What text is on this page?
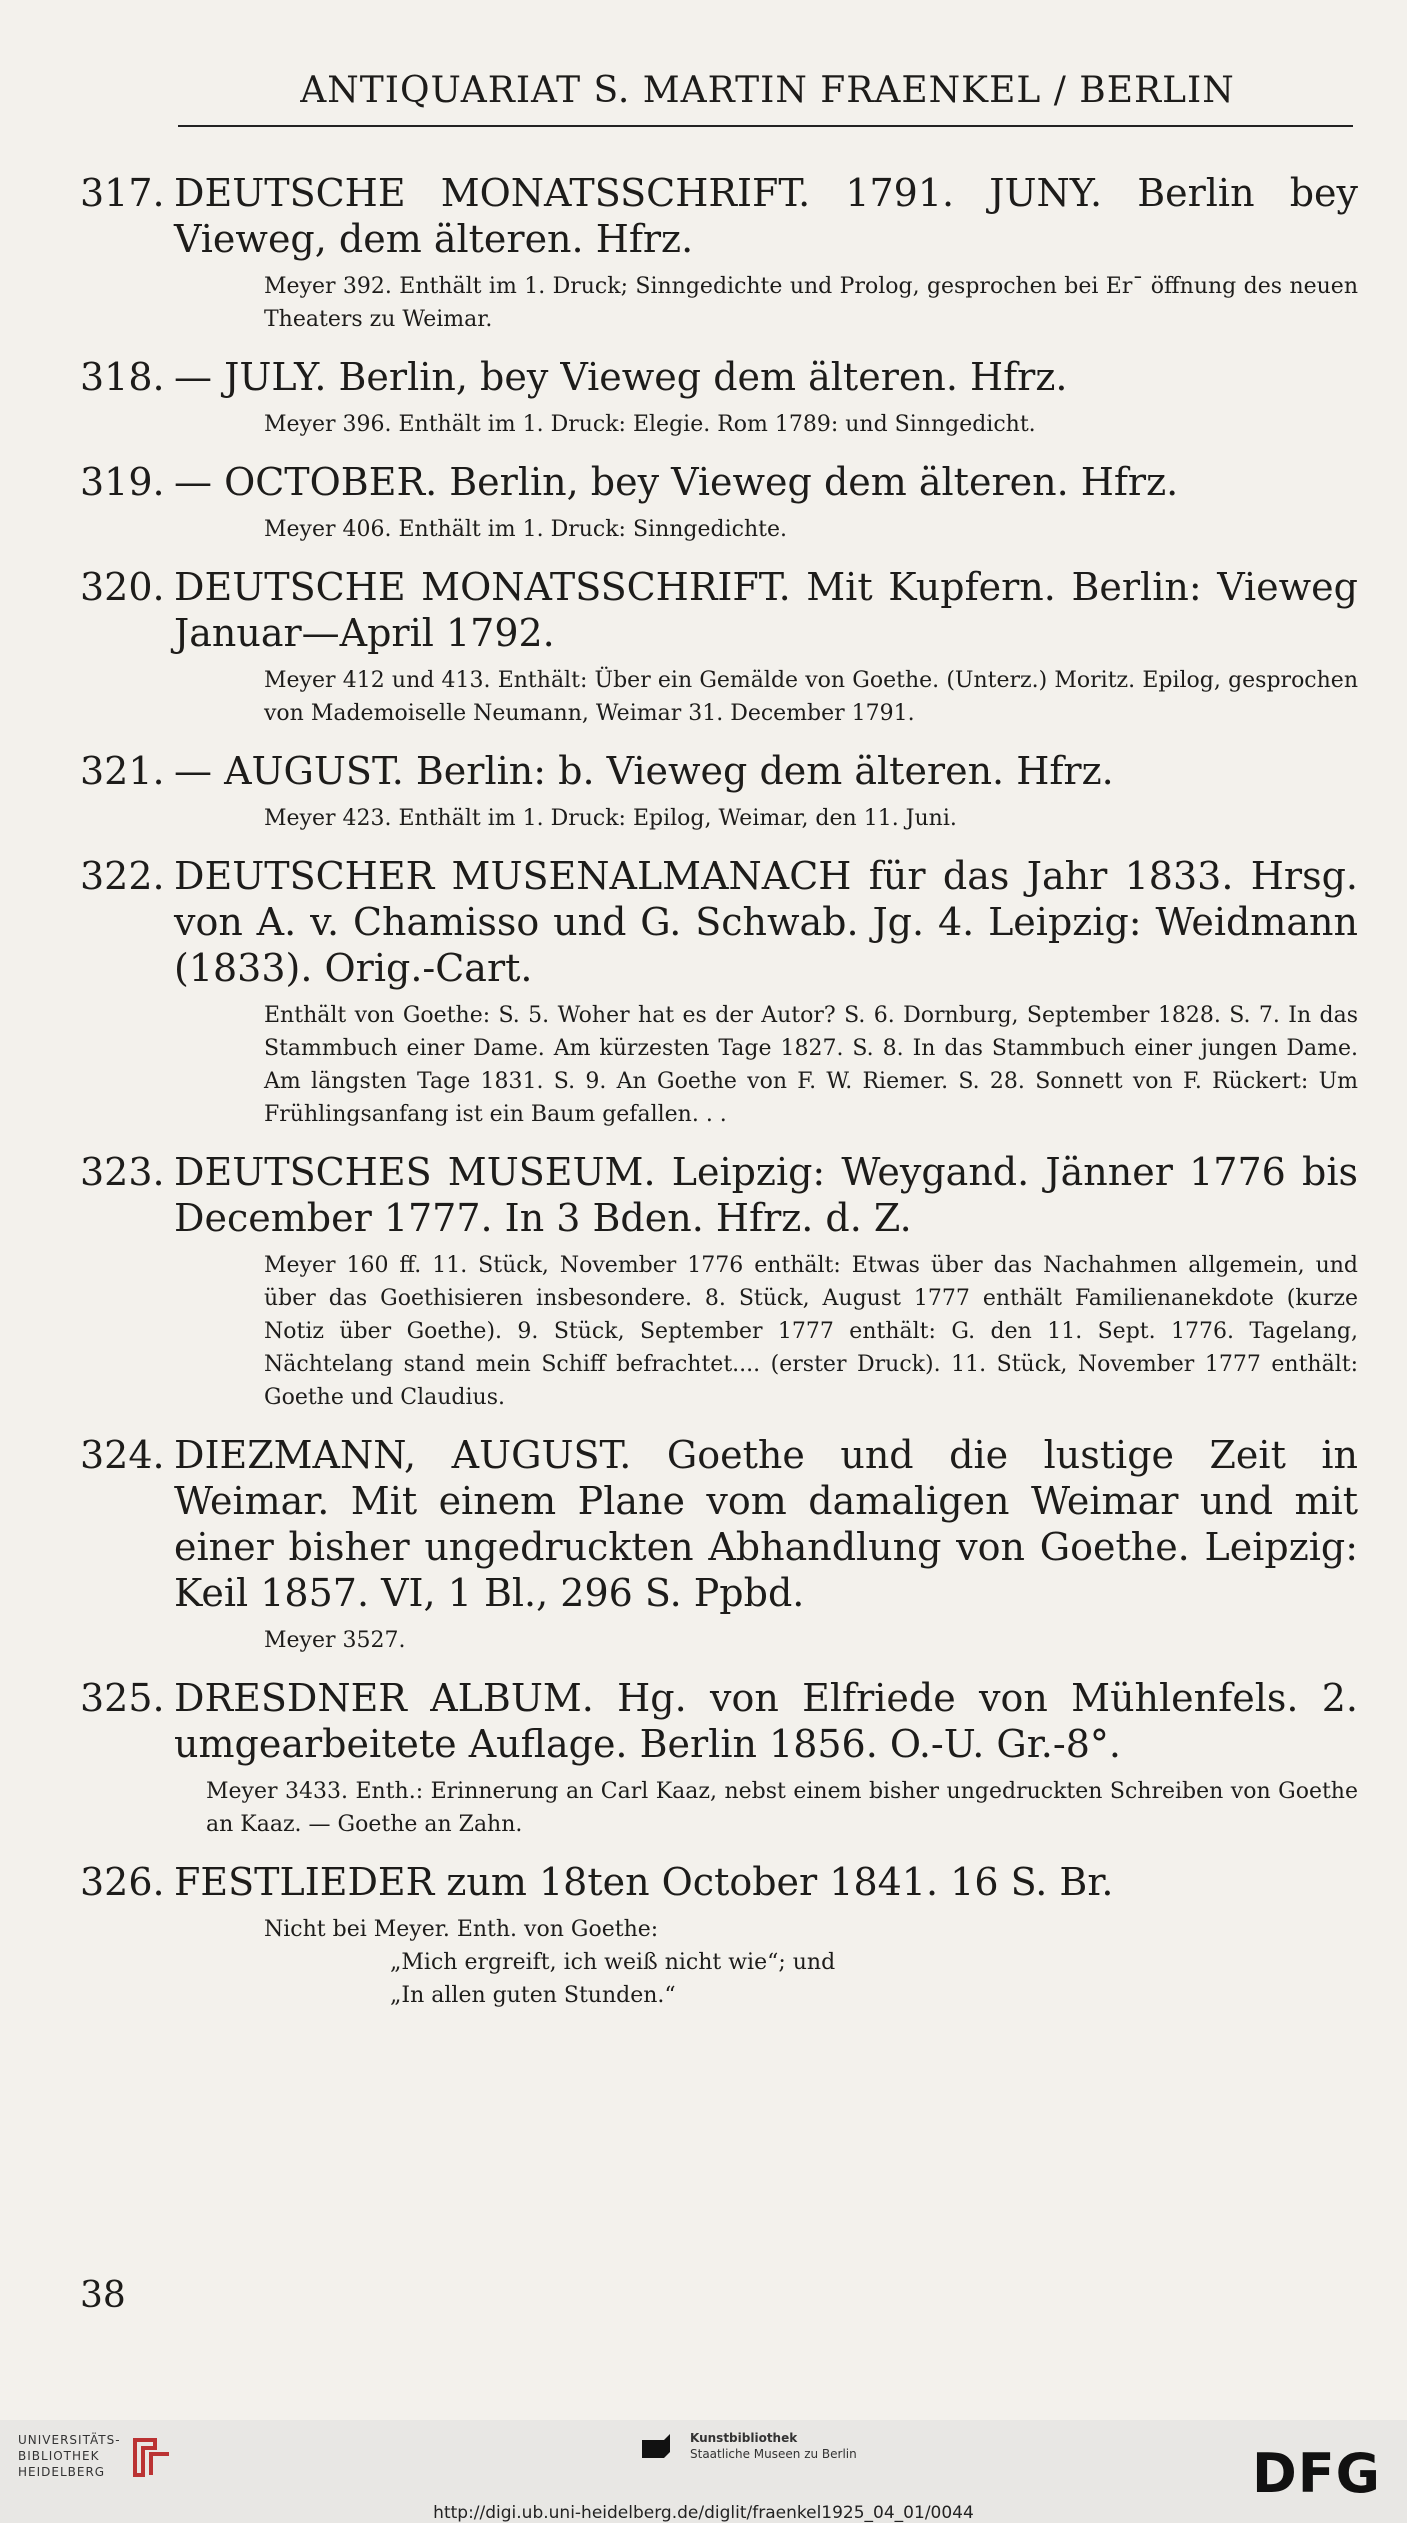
ANTIQUARIAT S. MARTIN FRAENKEL / BERLIN
317. DEUTSCHE MONATSSCHRIFT. 1791. JUNY. Berlin bey Vieweg, dem älteren. Hfrz.
Meyer 392. Enthält im 1. Druck; Sinngedichte und Prolog, gesprochen bei Er¯ öffnung des neuen Theaters zu Weimar.
318. — JULY. Berlin, bey Vieweg dem älteren. Hfrz.
Meyer 396. Enthält im 1. Druck: Elegie. Rom 1789: und Sinngedicht.
319. — OCTOBER. Berlin, bey Vieweg dem älteren. Hfrz.
Meyer 406. Enthält im 1. Druck: Sinngedichte.
320. DEUTSCHE MONATSSCHRIFT. Mit Kupfern. Berlin: Vieweg Januar—April 1792.
Meyer 412 und 413. Enthält: Über ein Gemälde von Goethe. (Unterz.) Moritz. Epilog, gesprochen von Mademoiselle Neumann, Weimar 31. December 1791.
321. — AUGUST. Berlin: b. Vieweg dem älteren. Hfrz.
Meyer 423. Enthält im 1. Druck: Epilog, Weimar, den 11. Juni.
322. DEUTSCHER MUSENALMANACH für das Jahr 1833. Hrsg. von A. v. Chamisso und G. Schwab. Jg. 4. Leipzig: Weidmann (1833). Orig.-Cart.
Enthält von Goethe: S. 5. Woher hat es der Autor? S. 6. Dornburg, September 1828. S. 7. In das Stammbuch einer Dame. Am kürzesten Tage 1827. S. 8. In das Stammbuch einer jungen Dame. Am längsten Tage 1831. S. 9. An Goethe von F. W. Riemer. S. 28. Sonnett von F. Rückert: Um Frühlingsanfang ist ein Baum gefallen. . .
323. DEUTSCHES MUSEUM. Leipzig: Weygand. Jänner 1776 bis December 1777. In 3 Bden. Hfrz. d. Z.
Meyer 160 ff. 11. Stück, November 1776 enthält: Etwas über das Nachahmen allgemein, und über das Goethisieren insbesondere. 8. Stück, August 1777 enthält Familienanekdote (kurze Notiz über Goethe). 9. Stück, September 1777 enthält: G. den 11. Sept. 1776. Tagelang, Nächtelang stand mein Schiff befrachtet.... (erster Druck). 11. Stück, November 1777 enthält: Goethe und Claudius.
324. DIEZMANN, AUGUST. Goethe und die lustige Zeit in Weimar. Mit einem Plane vom damaligen Weimar und mit einer bisher ungedruckten Abhandlung von Goethe. Leipzig: Keil 1857. VI, 1 Bl., 296 S. Ppbd.
Meyer 3527.
325. DRESDNER ALBUM. Hg. von Elfriede von Mühlenfels. 2. umgearbeitete Auflage. Berlin 1856. O.-U. Gr.-8°.
Meyer 3433. Enth.: Erinnerung an Carl Kaaz, nebst einem bisher ungedruckten Schreiben von Goethe an Kaaz. — Goethe an Zahn.
326. FESTLIEDER zum 18ten October 1841. 16 S. Br.
Nicht bei Meyer. Enth. von Goethe:
„Mich ergreift, ich weiß nicht wie“; und
„In allen guten Stunden.“
38
UNIVERSITÄTS-
BIBLIOTHEK
HEIDELBERG
Kunstbibliothek
Staatliche Museen zu Berlin	DFG
http://digi.ub.uni-heidelberg.de/diglit/fraenkel1925_04_01/0044
